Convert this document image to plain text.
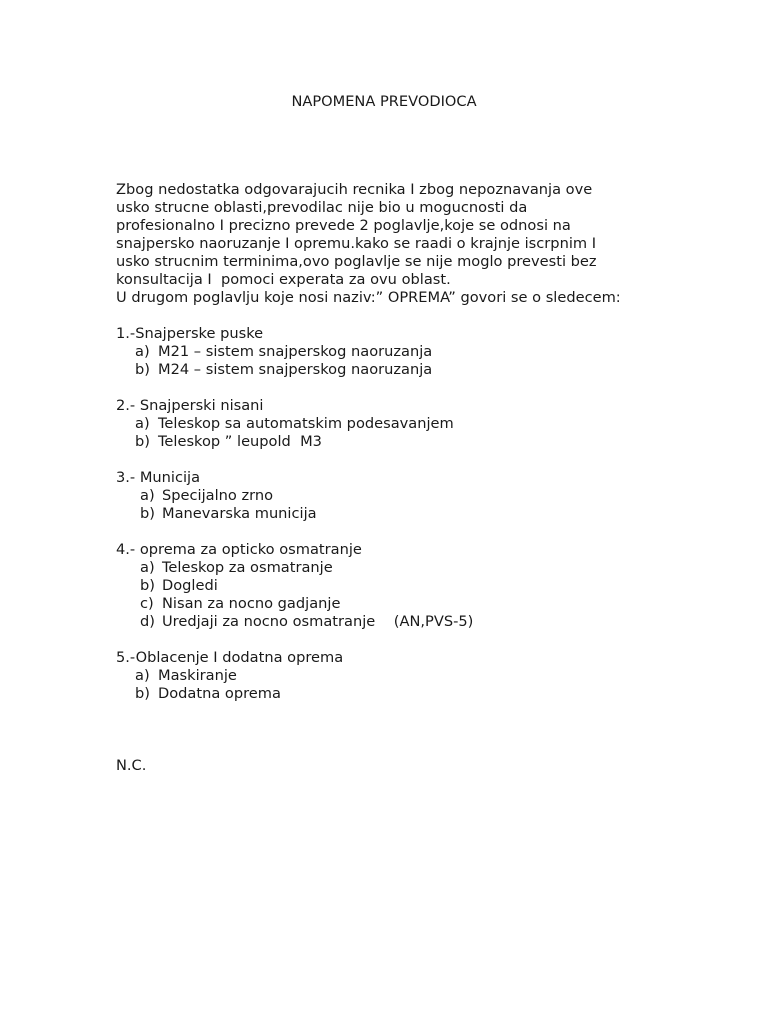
NAPOMENA PREVODIOCA
Zbog nedostatka odgovarajucih recnika I zbog nepoznavanja ove
usko strucne oblasti,prevodilac nije bio u mogucnosti da
profesionalno I precizno prevede 2 poglavlje,koje se odnosi na
snajpersko naoruzanje I opremu.kako se raadi o krajnje iscrpnim I
usko strucnim terminima,ovo poglavlje se nije moglo prevesti bez
konsultacija I  pomoci experata za ovu oblast.
U drugom poglavlju koje nosi naziv:” OPREMA” govori se o sledecem:
1.-Snajperske puske

a)

M21 – sistem snajperskog naoruzanja

b)

M24 – sistem snajperskog naoruzanja

2.- Snajperski nisani

a)

Teleskop sa automatskim podesavanjem

b)

Teleskop ” leupold  M3

3.- Municija

a)

Specijalno zrno

b)

Manevarska municija

4.- oprema za opticko osmatranje

a)

Teleskop za osmatranje

b)

Dogledi

c)

Nisan za nocno gadjanje

d)

Uredjaji za nocno osmatranje    (AN,PVS-5)

5.-Oblacenje I dodatna oprema

a)

Maskiranje

b)

Dodatna oprema

N.C.
